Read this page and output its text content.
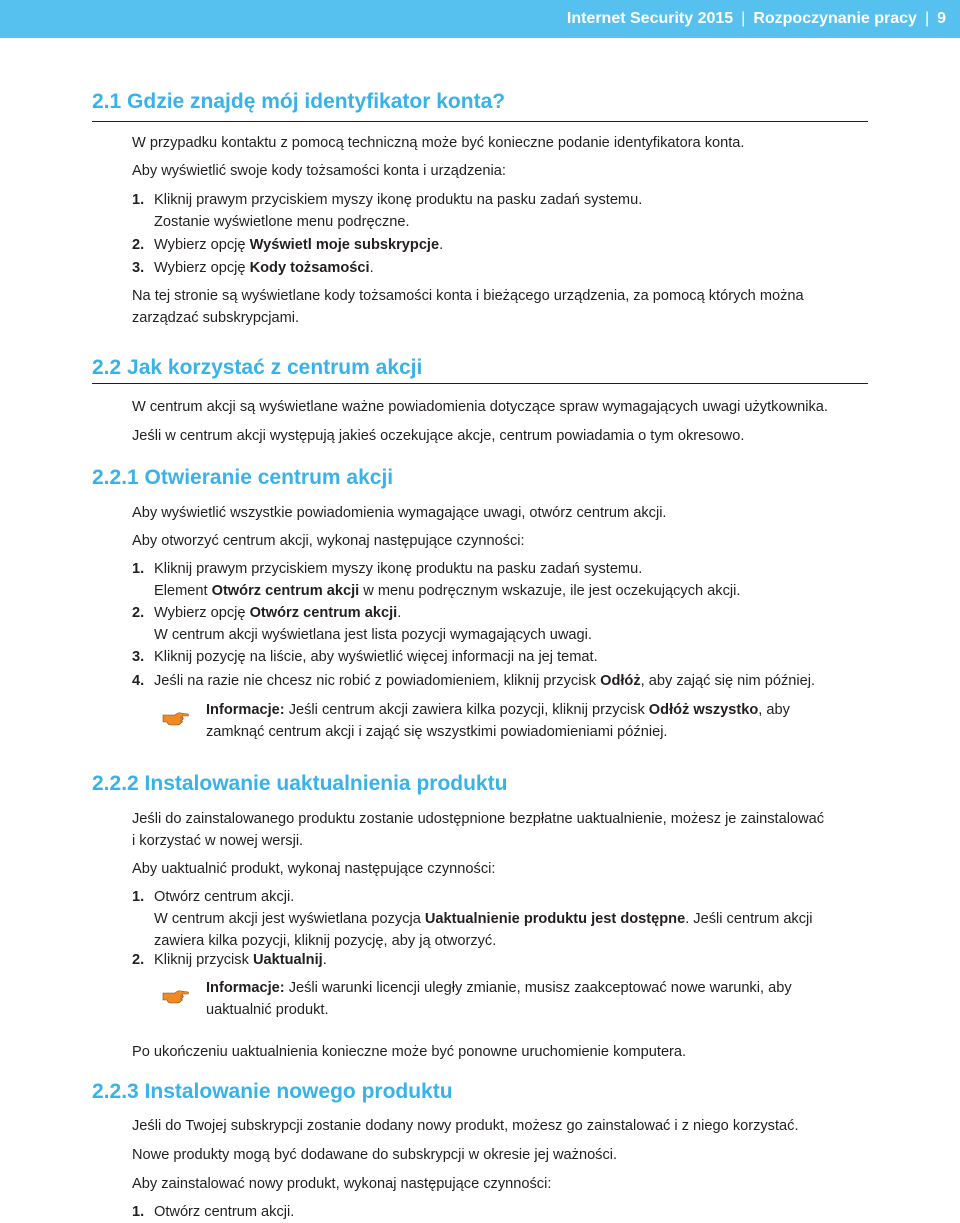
Internet Security 2015 | Rozpoczynanie pracy | 9
2.1 Gdzie znajdę mój identyfikator konta?
W przypadku kontaktu z pomocą techniczną może być konieczne podanie identyfikatora konta.
Aby wyświetlić swoje kody tożsamości konta i urządzenia:
1. Kliknij prawym przyciskiem myszy ikonę produktu na pasku zadań systemu.
Zostanie wyświetlone menu podręczne.
2. Wybierz opcję Wyświetl moje subskrypcje.
3. Wybierz opcję Kody tożsamości.
Na tej stronie są wyświetlane kody tożsamości konta i bieżącego urządzenia, za pomocą których można
zarządzać subskrypcjami.
2.2 Jak korzystać z centrum akcji
W centrum akcji są wyświetlane ważne powiadomienia dotyczące spraw wymagających uwagi użytkownika.
Jeśli w centrum akcji występują jakieś oczekujące akcje, centrum powiadamia o tym okresowo.
2.2.1 Otwieranie centrum akcji
Aby wyświetlić wszystkie powiadomienia wymagające uwagi, otwórz centrum akcji.
Aby otworzyć centrum akcji, wykonaj następujące czynności:
1. Kliknij prawym przyciskiem myszy ikonę produktu na pasku zadań systemu.
Element Otwórz centrum akcji w menu podręcznym wskazuje, ile jest oczekujących akcji.
2. Wybierz opcję Otwórz centrum akcji.
W centrum akcji wyświetlana jest lista pozycji wymagających uwagi.
3. Kliknij pozycję na liście, aby wyświetlić więcej informacji na jej temat.
4. Jeśli na razie nie chcesz nic robić z powiadomieniem, kliknij przycisk Odłóż, aby zająć się nim później.
Informacje: Jeśli centrum akcji zawiera kilka pozycji, kliknij przycisk Odłóż wszystko, aby
zamknąć centrum akcji i zająć się wszystkimi powiadomieniami później.
2.2.2 Instalowanie uaktualnienia produktu
Jeśli do zainstalowanego produktu zostanie udostępnione bezpłatne uaktualnienie, możesz je zainstalować
i korzystać w nowej wersji.
Aby uaktualnić produkt, wykonaj następujące czynności:
1. Otwórz centrum akcji.
W centrum akcji jest wyświetlana pozycja Uaktualnienie produktu jest dostępne. Jeśli centrum akcji
zawiera kilka pozycji, kliknij pozycję, aby ją otworzyć.
2. Kliknij przycisk Uaktualnij.
Informacje: Jeśli warunki licencji uległy zmianie, musisz zaakceptować nowe warunki, aby
uaktualnić produkt.
Po ukończeniu uaktualnienia konieczne może być ponowne uruchomienie komputera.
2.2.3 Instalowanie nowego produktu
Jeśli do Twojej subskrypcji zostanie dodany nowy produkt, możesz go zainstalować i z niego korzystać.
Nowe produkty mogą być dodawane do subskrypcji w okresie jej ważności.
Aby zainstalować nowy produkt, wykonaj następujące czynności:
1. Otwórz centrum akcji.
